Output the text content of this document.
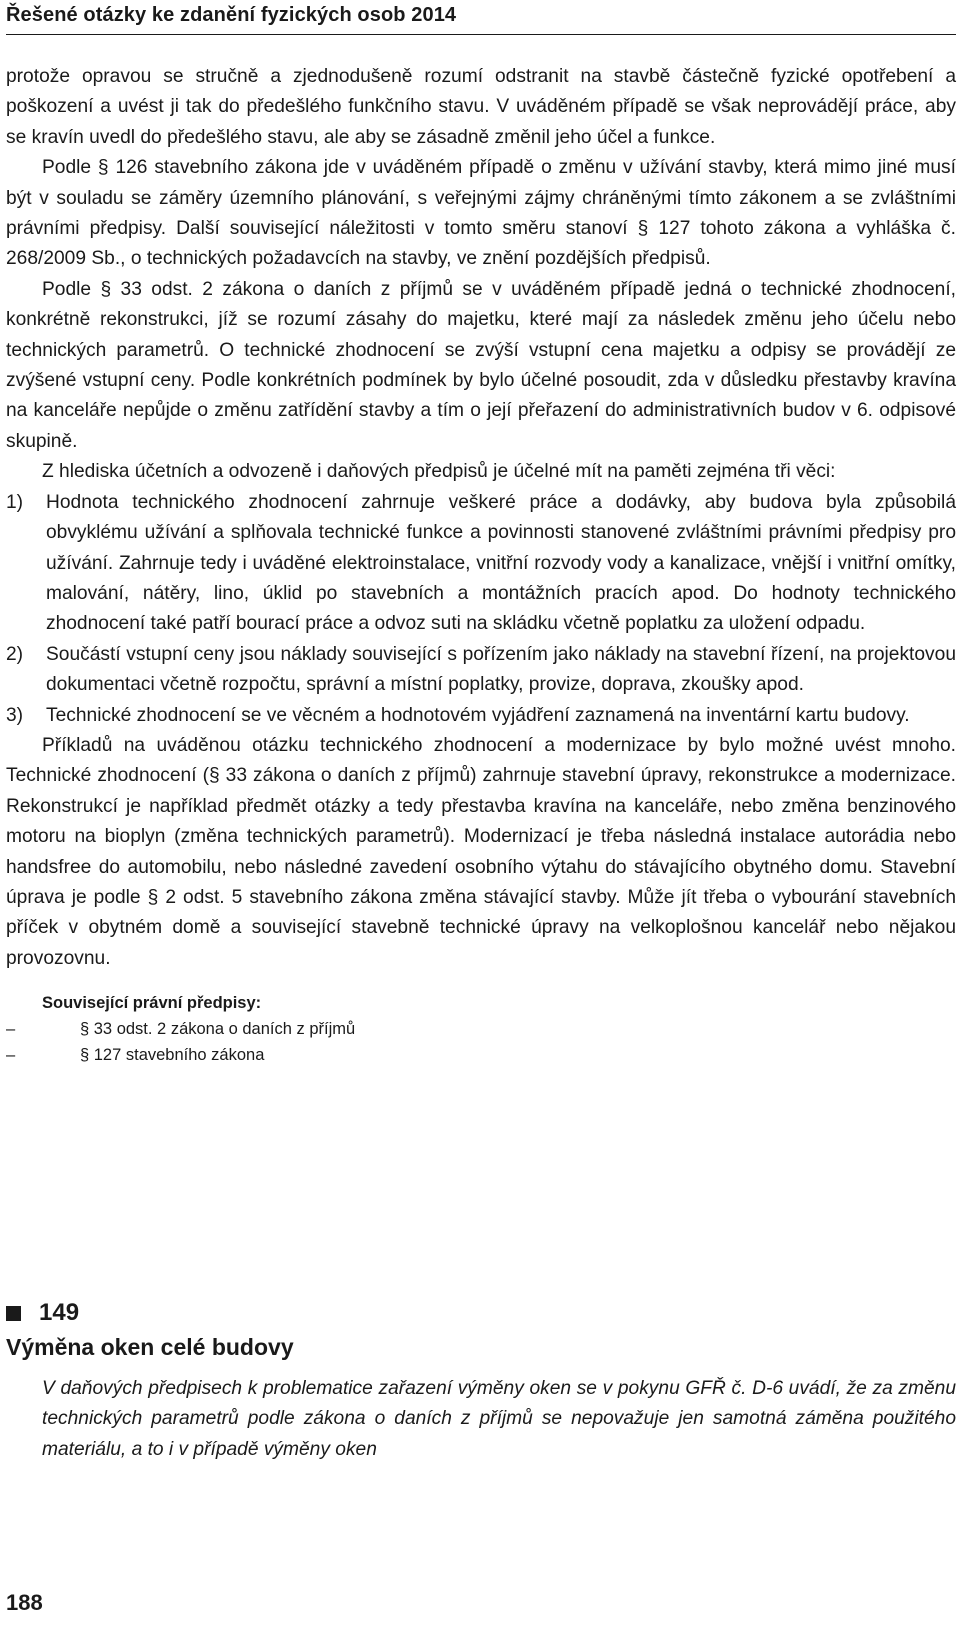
Řešené otázky ke zdanění fyzických osob 2014

protože opravou se stručně a zjednodušeně rozumí odstranit na stavbě částečně fyzické opotřebení a poškození a uvést ji tak do předešlého funkčního stavu. V uváděném případě se však neprovádějí práce, aby se kravín uvedl do předešlého stavu, ale aby se zásadně změnil jeho účel a funkce.

Podle § 126 stavebního zákona jde v uváděném případě o změnu v užívání stavby, která mimo jiné musí být v souladu se záměry územního plánování, s veřejnými zájmy chráněnými tímto zákonem a se zvláštními právními předpisy. Další související náležitosti v tomto směru stanoví § 127 tohoto zákona a vyhláška č. 268/2009 Sb., o technických požadavcích na stavby, ve znění pozdějších předpisů.

Podle § 33 odst. 2 zákona o daních z příjmů se v uváděném případě jedná o technické zhodnocení, konkrétně rekonstrukci, jíž se rozumí zásahy do majetku, které mají za následek změnu jeho účelu nebo technických parametrů. O technické zhodnocení se zvýší vstupní cena majetku a odpisy se provádějí ze zvýšené vstupní ceny. Podle konkrétních podmínek by bylo účelné posoudit, zda v důsledku přestavby kravína na kanceláře nepůjde o změnu zatřídění stavby a tím o její přeřazení do administrativních budov v 6. odpisové skupině.

Z hlediska účetních a odvozeně i daňových předpisů je účelné mít na paměti zejména tři věci:

1) Hodnota technického zhodnocení zahrnuje veškeré práce a dodávky, aby budova byla způsobilá obvyklému užívání a splňovala technické funkce a povinnosti stanovené zvláštními právními předpisy pro užívání. Zahrnuje tedy i uváděné elektroinstalace, vnitřní rozvody vody a kanalizace, vnější i vnitřní omítky, malování, nátěry, lino, úklid po stavebních a montážních pracích apod. Do hodnoty technického zhodnocení také patří bourací práce a odvoz suti na skládku včetně poplatku za uložení odpadu.
2) Součástí vstupní ceny jsou náklady související s pořízením jako náklady na stavební řízení, na projektovou dokumentaci včetně rozpočtu, správní a místní poplatky, provize, doprava, zkoušky apod.
3) Technické zhodnocení se ve věcném a hodnotovém vyjádření zaznamená na inventární kartu budovy.

Příkladů na uváděnou otázku technického zhodnocení a modernizace by bylo možné uvést mnoho. Technické zhodnocení (§ 33 zákona o daních z příjmů) zahrnuje stavební úpravy, rekonstrukce a modernizace. Rekonstrukcí je například předmět otázky a tedy přestavba kravína na kanceláře, nebo změna benzinového motoru na bioplyn (změna technických parametrů). Modernizací je třeba následná instalace autorádia nebo handsfree do automobilu, nebo následné zavedení osobního výtahu do stávajícího obytného domu. Stavební úprava je podle § 2 odst. 5 stavebního zákona změna stávající stavby. Může jít třeba o vybourání stavebních příček v obytném domě a související stavebně technické úpravy na velkoplošnou kancelář nebo nějakou provozovnu.

Související právní předpisy:
–	§ 33 odst. 2 zákona o daních z příjmů
–	§ 127 stavebního zákona
149
Výměna oken celé budovy

V daňových předpisech k problematice zařazení výměny oken se v pokynu GFŘ č. D-6 uvádí, že za změnu technických parametrů podle zákona o daních z příjmů se nepovažuje jen samotná záměna použitého materiálu, a to i v případě výměny oken

188
